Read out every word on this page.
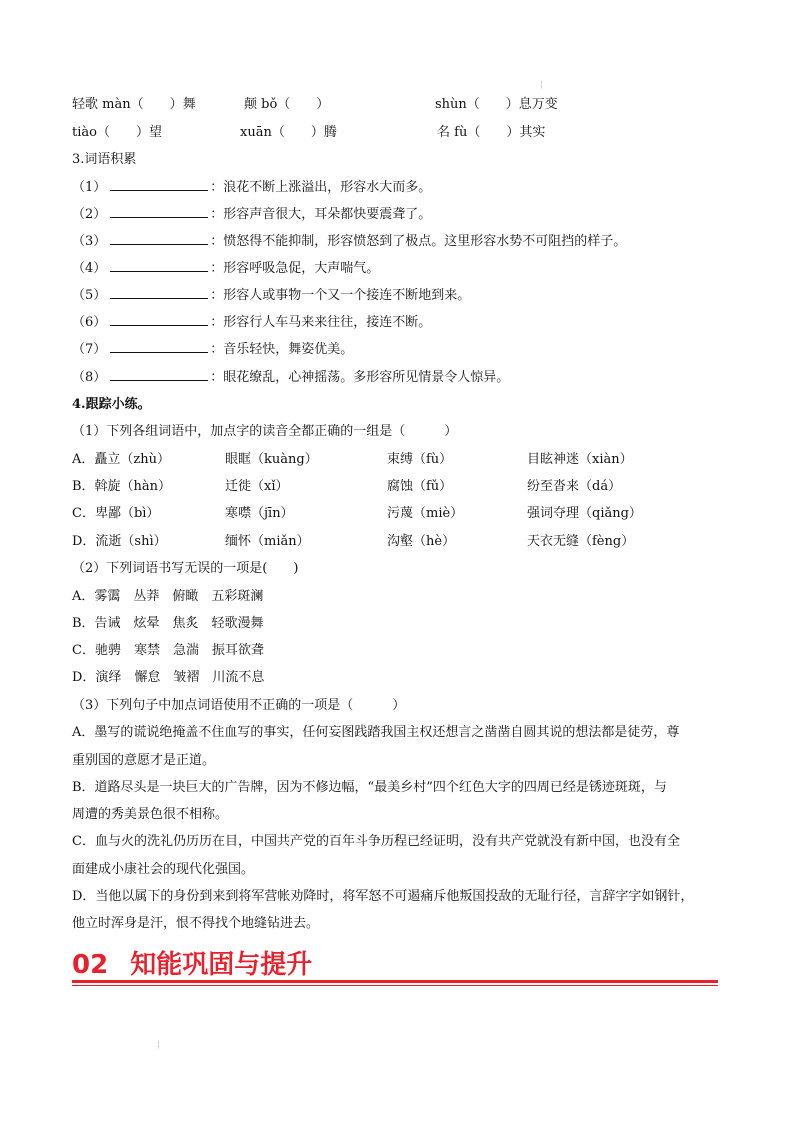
¦
¦
轻歌 màn（　　）舞	颠 bǒ（　　）	shùn（　　）息万变
tiào（　　）望	xuān（　　）腾	名 fù（　　）其实
3.词语积累
（1）	：浪花不断上涨溢出，形容水大而多。
（2）	：形容声音很大，耳朵都快要震聋了。
（3）	：愤怒得不能抑制，形容愤怒到了极点。这里形容水势不可阻挡的样子。
（4）	：形容呼吸急促，大声喘气。
（5）	：形容人或事物一个又一个接连不断地到来。
（6）	：形容行人车马来来往往，接连不断。
（7）	：音乐轻快，舞姿优美。
（8）	：眼花缭乱，心神摇荡。多形容所见情景令人惊异。
4.跟踪小练。
（1）下列各组词语中，加点字的读音全都正确的一组是（　　　）
A．矗立（zhù）	眼眶（kuàng）	束缚（fù）	目眩神迷（xiàn）
B．斡旋（hàn）	迁徙（xǐ）	腐蚀（fǔ）	纷至沓来（dá）
C．卑鄙（bì）	寒噤（jīn）	污蔑（miè）	强词夺理（qiǎng）
D．流逝（shì）	缅怀（miǎn）	沟壑（hè）	天衣无缝（fèng）
（2）下列词语书写无误的一项是(　　)
A．雾霭　丛莽　俯瞰　五彩斑澜
B．告诫　炫晕　焦炙　轻歌漫舞
C．驰骋　寒禁　急湍　振耳欲聋
D．演绎　懈怠　皱褶　川流不息
（3）下列句子中加点词语使用不正确的一项是（　　　）
A．墨写的谎说绝掩盖不住血写的事实，任何妄图践踏我国主权还想言之凿凿自圆其说的想法都是徒劳，尊
重别国的意愿才是正道。
B．道路尽头是一块巨大的广告牌，因为不修边幅，“最美乡村”四个红色大字的四周已经是锈迹斑斑，与
周遭的秀美景色很不相称。
C．血与火的洗礼仍历历在目，中国共产党的百年斗争历程已经证明，没有共产党就没有新中国，也没有全
面建成小康社会的现代化强国。
D．当他以属下的身份到来到将军营帐劝降时，将军怒不可遏痛斥他叛国投敌的无耻行径，言辞字字如钢针，
他立时浑身是汗，恨不得找个地缝钻进去。
02 知能巩固与提升
